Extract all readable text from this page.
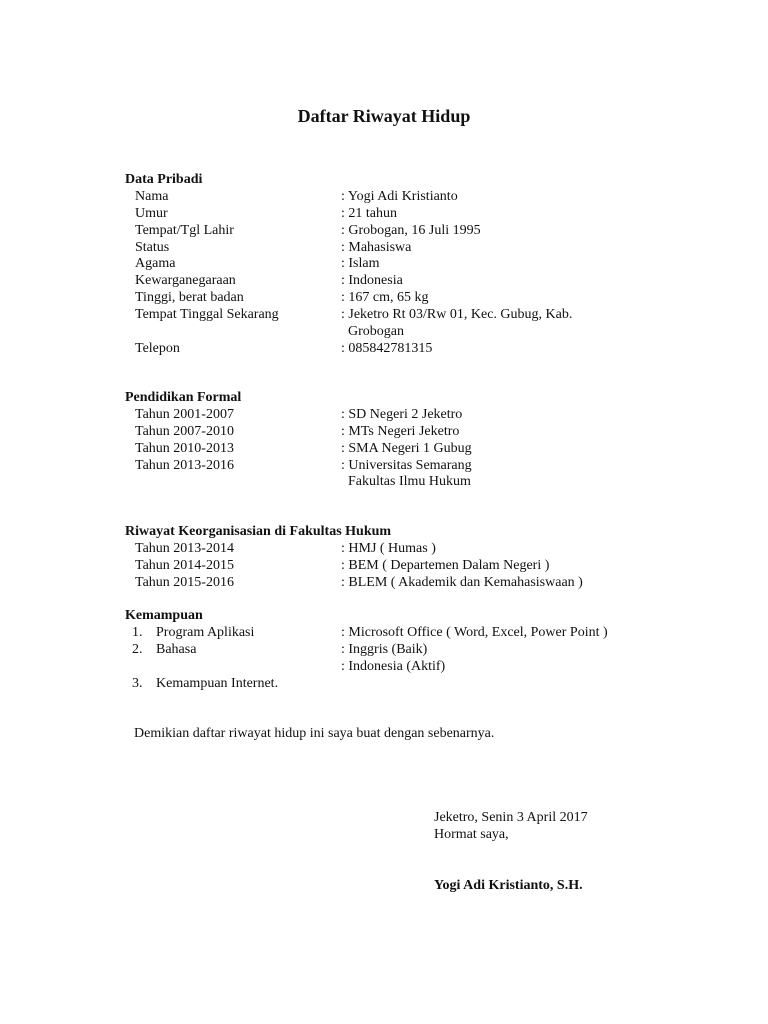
Daftar Riwayat Hidup
Data Pribadi
Nama	: Yogi Adi Kristianto
Umur	: 21 tahun
Tempat/Tgl Lahir	: Grobogan, 16 Juli 1995
Status	: Mahasiswa
Agama	: Islam
Kewarganegaraan	: Indonesia
Tinggi, berat badan	: 167 cm, 65 kg
Tempat Tinggal Sekarang	: Jeketro Rt 03/Rw 01, Kec. Gubug, Kab.
Grobogan
Telepon	: 085842781315
Pendidikan Formal
Tahun 2001-2007	: SD Negeri 2 Jeketro
Tahun 2007-2010	: MTs Negeri Jeketro
Tahun 2010-2013	: SMA Negeri 1 Gubug
Tahun 2013-2016	: Universitas Semarang
Fakultas Ilmu Hukum
Riwayat Keorganisasian di Fakultas Hukum
Tahun 2013-2014	: HMJ ( Humas )
Tahun 2014-2015	: BEM ( Departemen Dalam Negeri )
Tahun 2015-2016	: BLEM ( Akademik dan Kemahasiswaan )
Kemampuan
1. Program Aplikasi	: Microsoft Office ( Word, Excel, Power Point )
2. Bahasa	: Inggris (Baik)
: Indonesia (Aktif)
3. Kemampuan Internet.
Demikian daftar riwayat hidup ini saya buat dengan sebenarnya.
Jeketro, Senin 3 April 2017
Hormat saya,
Yogi Adi Kristianto, S.H.
